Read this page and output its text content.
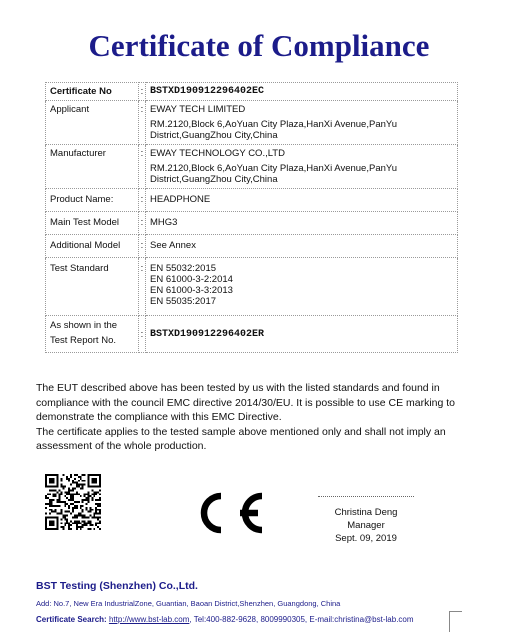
Certificate of Compliance
Certificate No	:	BSTXD190912296402EC
Applicant	:	EWAY TECH LIMITED
RM.2120,Block 6,AoYuan City Plaza,HanXi Avenue,PanYu District,GuangZhou City,China

Manufacturer	:	EWAY TECHNOLOGY CO.,LTD
RM.2120,Block 6,AoYuan City Plaza,HanXi Avenue,PanYu District,GuangZhou City,China

Product Name:	:	HEADPHONE
Main Test Model	:	MHG3
Additional Model	:	See Annex
Test Standard	:	EN 55032:2015
EN 61000-3-2:2014
EN 61000-3-3:2013
EN 55035:2017

As shown in the
Test Report No.	:	BSTXD190912296402ER

The EUT described above has been tested by us with the listed standards and found in compliance with the council EMC directive 2014/30/EU. It is possible to use CE marking to demonstrate the compliance with this EMC Directive.

The certificate applies to the tested sample above mentioned only and shall not imply an assessment of the whole production.

Christina Deng
Manager
Sept. 09, 2019
BST Testing (Shenzhen) Co.,Ltd.
Add: No.7, New Era IndustrialZone, Guantian, Baoan District,Shenzhen, Guangdong, China
Certificate Search: http://www.bst-lab.com, Tel:400-882-9628, 8009990305, E-mail:christina@bst-lab.com
